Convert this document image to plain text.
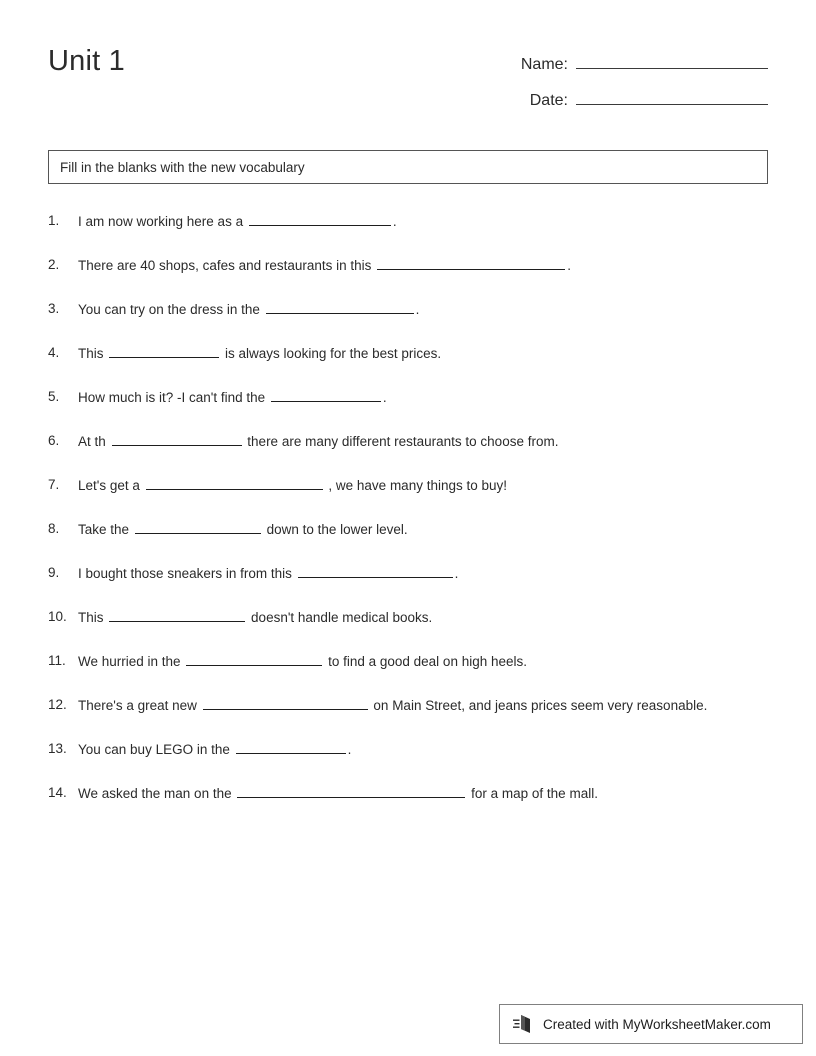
Unit 1	Name:
Date:
Fill in the blanks with the new vocabulary
1.	I am now working here as a	.
2.	There are 40 shops, cafes and restaurants in this	.
3.	You can try on the dress in the	.
4.	This	is always looking for the best prices.
5.	How much is it? -I can't find the	.
6.	At th	there are many different restaurants to choose from.
7.	Let's get a	, we have many things to buy!
8.	Take the	down to the lower level.
9.	I bought those sneakers in from this	.
10. This	doesn't handle medical books.
11. We hurried in the	to find a good deal on high heels.
12. There's a great new	on Main Street, and jeans prices seem very reasonable.
13. You can buy LEGO in the	.
14. We asked the man on the	for a map of the mall.
Created with MyWorksheetMaker.com
